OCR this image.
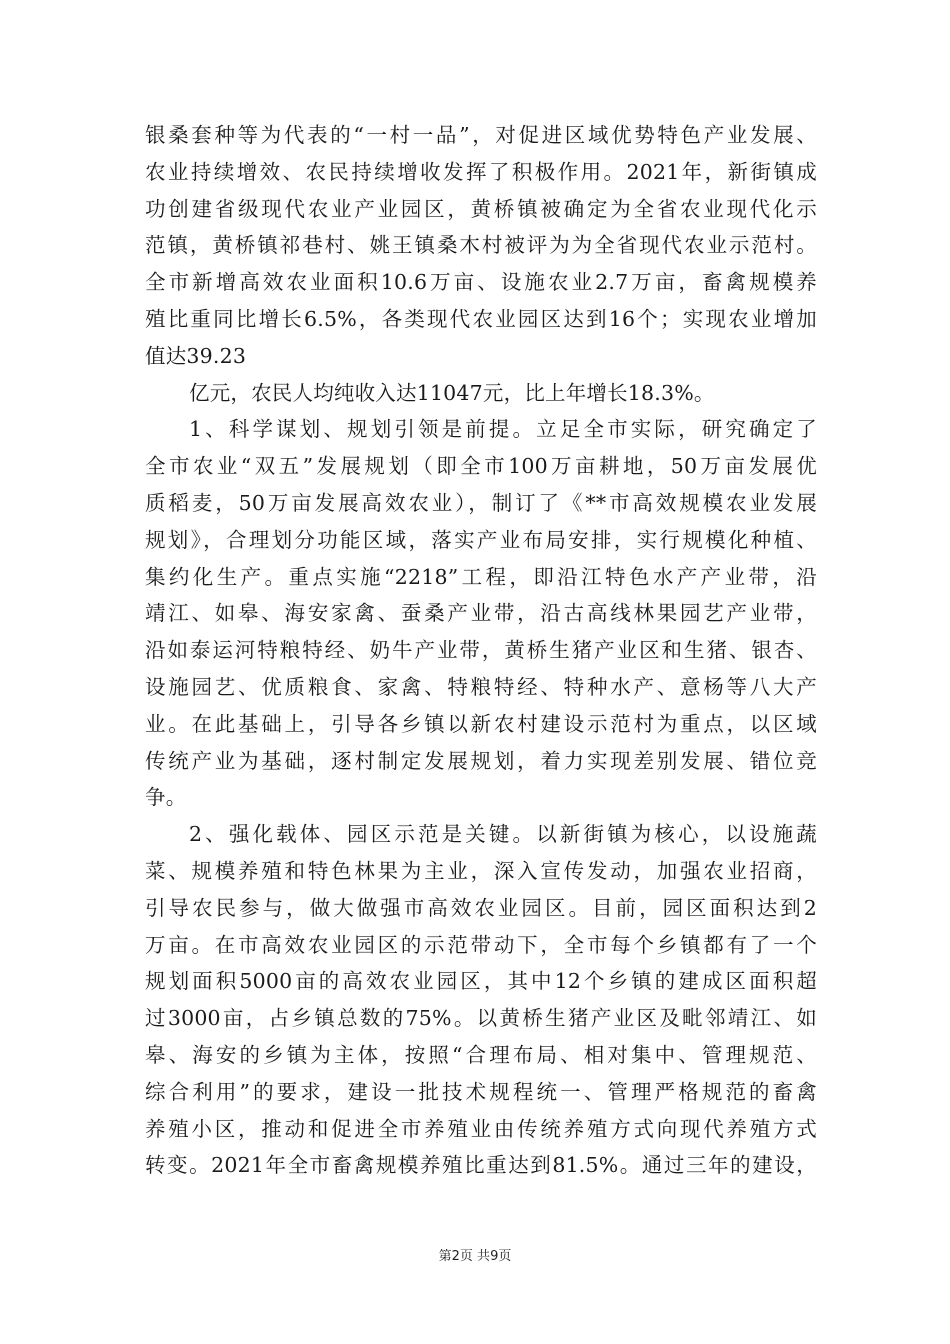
银桑套种等为代表的“一村一品”，对促进区域优势特色产业发展、
农业持续增效、农民持续增收发挥了积极作用。2021年，新街镇成
功创建省级现代农业产业园区，黄桥镇被确定为全省农业现代化示
范镇，黄桥镇祁巷村、姚王镇桑木村被评为为全省现代农业示范村。
全市新增高效农业面积10.6万亩、设施农业2.7万亩，畜禽规模养
殖比重同比增长6.5%，各类现代农业园区达到16个；实现农业增加
值达39.23
亿元，农民人均纯收入达11047元，比上年增长18.3%。
1、科学谋划、规划引领是前提。立足全市实际，研究确定了
全市农业“双五”发展规划（即全市100万亩耕地，50万亩发展优
质稻麦，50万亩发展高效农业），制订了《**市高效规模农业发展
规划》，合理划分功能区域，落实产业布局安排，实行规模化种植、
集约化生产。重点实施“2218”工程，即沿江特色水产产业带，沿
靖江、如皋、海安家禽、蚕桑产业带，沿古高线林果园艺产业带，
沿如泰运河特粮特经、奶牛产业带，黄桥生猪产业区和生猪、银杏、
设施园艺、优质粮食、家禽、特粮特经、特种水产、意杨等八大产
业。在此基础上，引导各乡镇以新农村建设示范村为重点，以区域
传统产业为基础，逐村制定发展规划，着力实现差别发展、错位竞
争。
2、强化载体、园区示范是关键。以新街镇为核心，以设施蔬
菜、规模养殖和特色林果为主业，深入宣传发动，加强农业招商，
引导农民参与，做大做强市高效农业园区。目前，园区面积达到2
万亩。在市高效农业园区的示范带动下，全市每个乡镇都有了一个
规划面积5000亩的高效农业园区，其中12个乡镇的建成区面积超
过3000亩，占乡镇总数的75%。以黄桥生猪产业区及毗邻靖江、如
皋、海安的乡镇为主体，按照“合理布局、相对集中、管理规范、
综合利用”的要求，建设一批技术规程统一、管理严格规范的畜禽
养殖小区，推动和促进全市养殖业由传统养殖方式向现代养殖方式
转变。2021年全市畜禽规模养殖比重达到81.5%。通过三年的建设，
第2页 共9页
